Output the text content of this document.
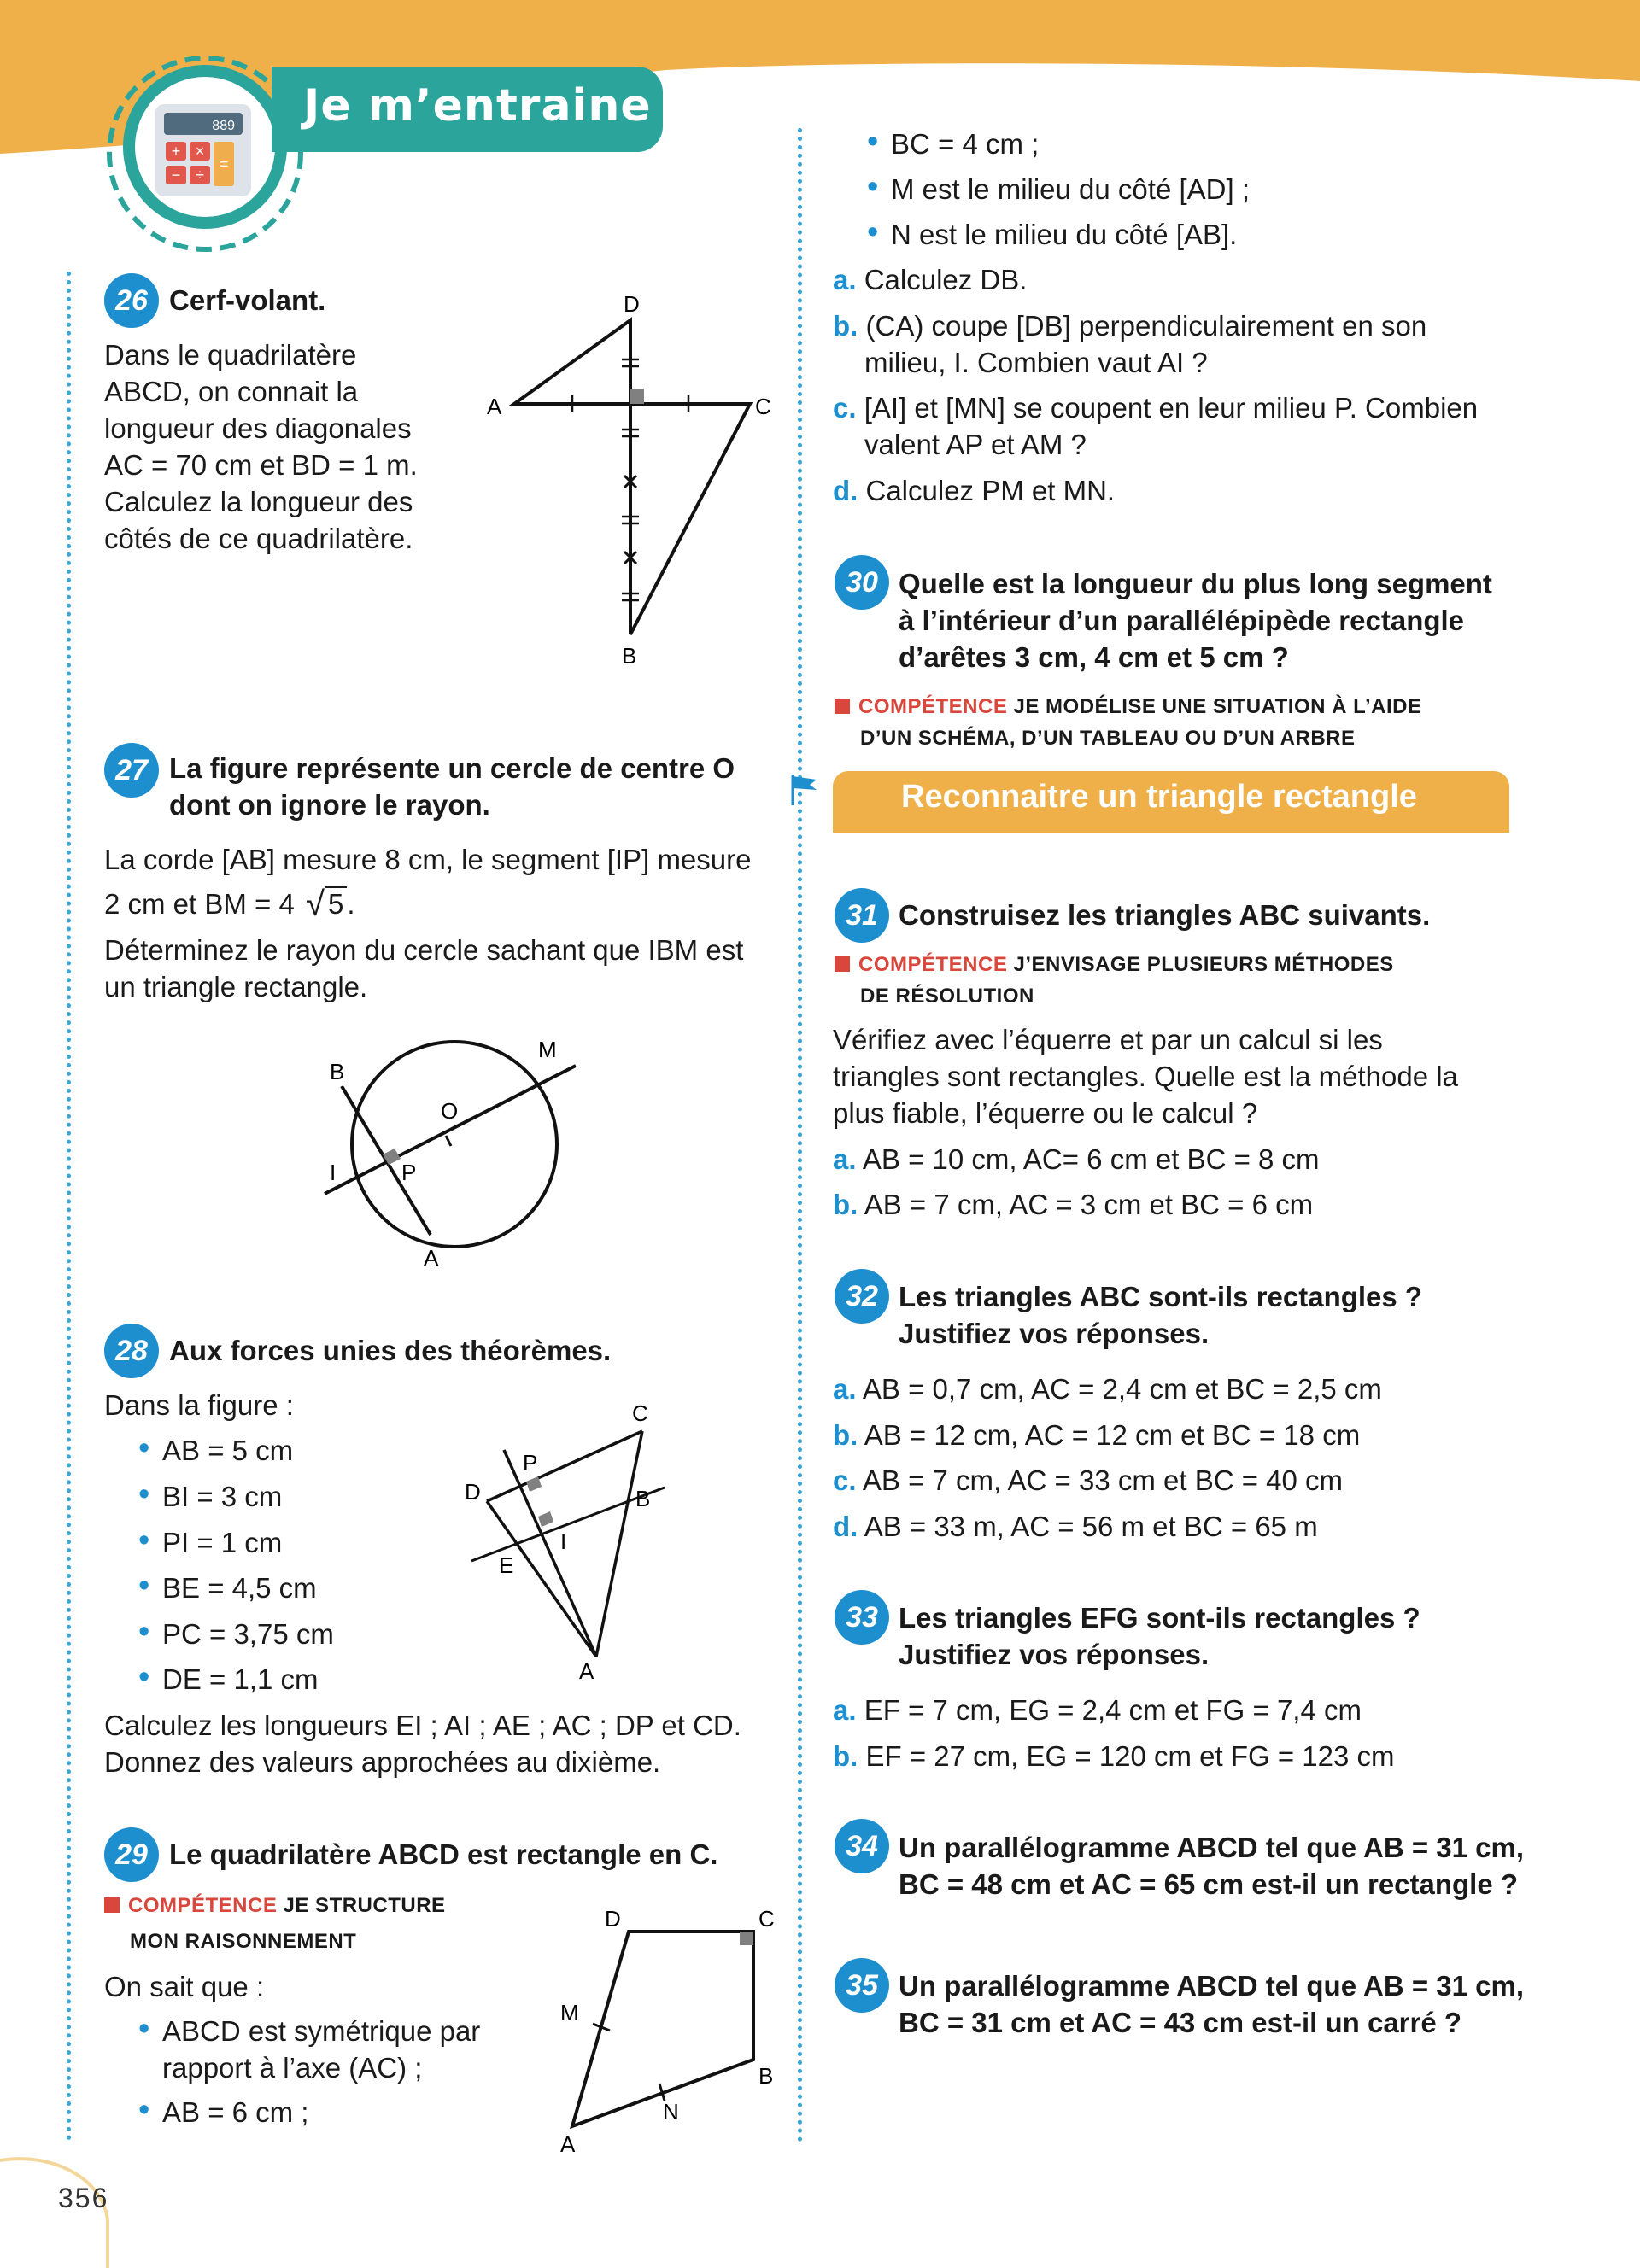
889
+ ×
− ÷
=
Je m’entraine
26 Cerf-volant.
Dans le quadrilatère
ABCD, on connait la
longueur des diagonales
AC = 70 cm et BD = 1 m.
Calculez la longueur des
côtés de ce quadrilatère.
D
A	C
B
27 La figure représente un cercle de centre O
dont on ignore le rayon.
La corde [AB] mesure 8 cm, le segment [IP] mesure
2 cm et BM = 4 √ 5 .
Déterminez le rayon du cercle sachant que IBM est
un triangle rectangle.
B
M
O
I	P
A
28 Aux forces unies des théorèmes.
Dans la figure :
• AB = 5 cm
• BI = 3 cm
• PI = 1 cm
• BE = 4,5 cm
• PC = 3,75 cm
• DE = 1,1 cm
Calculez les longueurs EI ; AI ; AE ; AC ; DP et CD.
Donnez des valeurs approchées au dixième.
C
P
D	B
I
E
A
29 Le quadrilatère ABCD est rectangle en C.
COMPÉTENCE JE STRUCTURE
MON RAISONNEMENT
On sait que :
• ABCD est symétrique par
rapport à l’axe (AC) ;
• AB = 6 cm ;
D	C
M
B
N
A
• BC = 4 cm ;
• M est le milieu du côté [AD] ;
• N est le milieu du côté [AB].
a. Calculez DB.
b. (CA) coupe [DB] perpendiculairement en son
milieu, I. Combien vaut AI ?
c. [AI] et [MN] se coupent en leur milieu P. Combien
valent AP et AM ?
d. Calculez PM et MN.
30 Quelle est la longueur du plus long segment
à l’intérieur d’un parallélépipède rectangle
d’arêtes 3 cm, 4 cm et 5 cm ?
COMPÉTENCE JE MODÉLISE UNE SITUATION À L’AIDE
D’UN SCHÉMA, D’UN TABLEAU OU D’UN ARBRE
Reconnaitre un triangle rectangle
31 Construisez les triangles ABC suivants.
COMPÉTENCE J’ENVISAGE PLUSIEURS MÉTHODES
DE RÉSOLUTION
Vérifiez avec l’équerre et par un calcul si les
triangles sont rectangles. Quelle est la méthode la
plus fiable, l’équerre ou le calcul ?
a. AB = 10 cm, AC= 6 cm et BC = 8 cm
b. AB = 7 cm, AC = 3 cm et BC = 6 cm
32 Les triangles ABC sont-ils rectangles ?
Justifiez vos réponses.
a. AB = 0,7 cm, AC = 2,4 cm et BC = 2,5 cm
b. AB = 12 cm, AC = 12 cm et BC = 18 cm
c. AB = 7 cm, AC = 33 cm et BC = 40 cm
d. AB = 33 m, AC = 56 m et BC = 65 m
33 Les triangles EFG sont-ils rectangles ?
Justifiez vos réponses.
a. EF = 7 cm, EG = 2,4 cm et FG = 7,4 cm
b. EF = 27 cm, EG = 120 cm et FG = 123 cm
34 Un parallélogramme ABCD tel que AB = 31 cm,
BC = 48 cm et AC = 65 cm est-il un rectangle ?
35 Un parallélogramme ABCD tel que AB = 31 cm,
BC = 31 cm et AC = 43 cm est-il un carré ?
356
